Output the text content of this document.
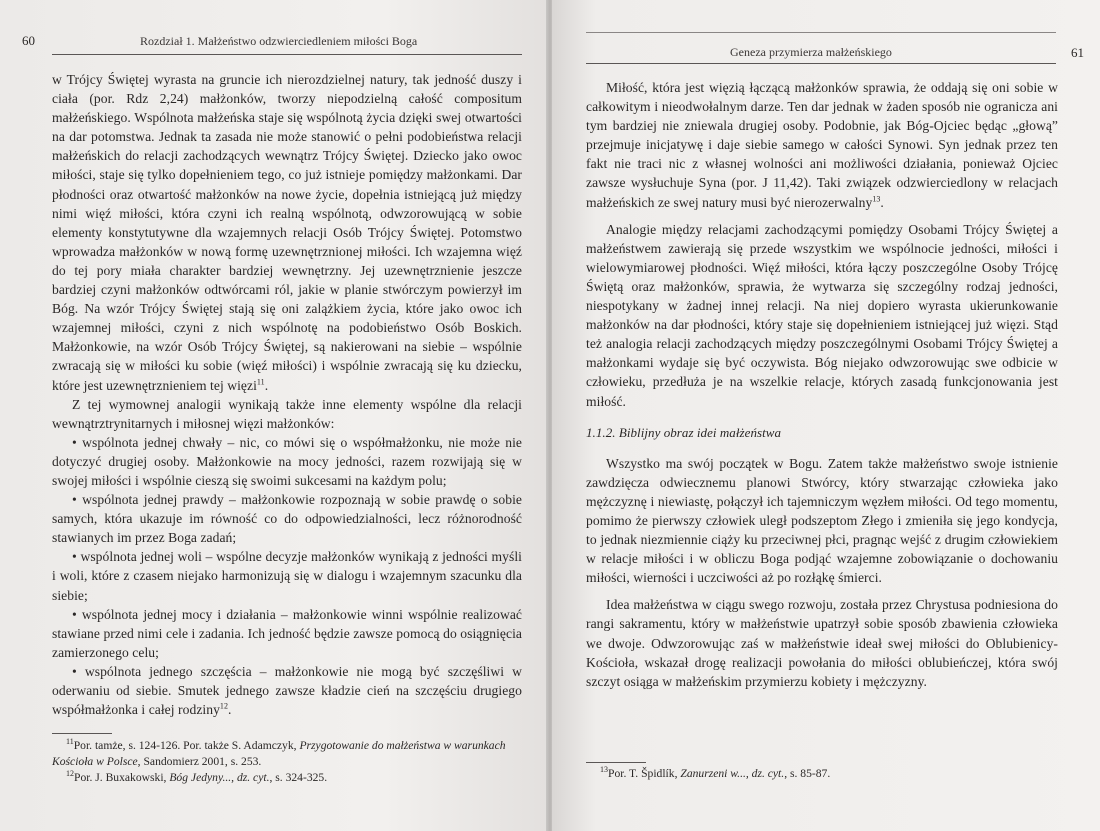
60	Rozdział 1. Małżeństwo odzwierciedleniem miłości Boga

w Trójcy Świętej wyrasta na gruncie ich nierozdzielnej natury, tak jedność duszy i ciała (por. Rdz 2,24) małżonków, tworzy niepodzielną całość compositum małżeńskiego. Wspólnota małżeńska staje się wspólnotą życia dzięki swej otwartości na dar potomstwa. Jednak ta zasada nie może stanowić o pełni podobieństwa relacji małżeńskich do relacji zachodzących wewnątrz Trójcy Świętej. Dziecko jako owoc miłości, staje się tylko dopełnieniem tego, co już istnieje pomiędzy małżonkami. Dar płodności oraz otwartość małżonków na nowe życie, dopełnia istniejącą już między nimi więź miłości, która czyni ich realną wspólnotą, odwzorowującą w sobie elementy konstytutywne dla wzajemnych relacji Osób Trójcy Świętej. Potomstwo wprowadza małżonków w nową formę uzewnętrznionej miłości. Ich wzajemna więź do tej pory miała charakter bardziej wewnętrzny. Jej uzewnętrznienie jeszcze bardziej czyni małżonków odtwórcami ról, jakie w planie stwórczym powierzył im Bóg. Na wzór Trójcy Świętej stają się oni zalążkiem życia, które jako owoc ich wzajemnej miłości, czyni z nich wspólnotę na podobieństwo Osób Boskich. Małżonkowie, na wzór Osób Trójcy Świętej, są nakierowani na siebie – wspólnie zwracają się w miłości ku sobie (więź miłości) i wspólnie zwracają się ku dziecku, które jest uzewnętrznieniem tej więzi$^{11}$.

Z tej wymownej analogii wynikają także inne elementy wspólne dla relacji wewnątrztrynitarnych i miłosnej więzi małżonków:

• wspólnota jednej chwały – nic, co mówi się o współmałżonku, nie może nie dotyczyć drugiej osoby. Małżonkowie na mocy jedności, razem rozwijają się w swojej miłości i wspólnie cieszą się swoimi sukcesami na każdym polu;

• wspólnota jednej prawdy – małżonkowie rozpoznają w sobie prawdę o sobie samych, która ukazuje im równość co do odpowiedzialności, lecz różnorodność stawianych im przez Boga zadań;

• wspólnota jednej woli – wspólne decyzje małżonków wynikają z jedności myśli i woli, które z czasem niejako harmonizują się w dialogu i wzajemnym szacunku dla siebie;

• wspólnota jednej mocy i działania – małżonkowie winni wspólnie realizować stawiane przed nimi cele i zadania. Ich jedność będzie zawsze pomocą do osiągnięcia zamierzonego celu;

• wspólnota jednego szczęścia – małżonkowie nie mogą być szczęśliwi w oderwaniu od siebie. Smutek jednego zawsze kładzie cień na szczęściu drugiego współmałżonka i całej rodziny$^{12}$.

$^{11}$Por. tamże, s. 124-126. Por. także S. Adamczyk, Przygotowanie do małżeństwa w warunkach Kościoła w Polsce, Sandomierz 2001, s. 253.

$^{12}$Por. J. Buxakowski, Bóg Jedyny..., dz. cyt., s. 324-325.

Geneza przymierza małżeńskiego	61

Miłość, która jest więzią łączącą małżonków sprawia, że oddają się oni sobie w całkowitym i nieodwołalnym darze. Ten dar jednak w żaden sposób nie ogranicza ani tym bardziej nie zniewala drugiej osoby. Podobnie, jak Bóg-Ojciec będąc „głową” przejmuje inicjatywę i daje siebie samego w całości Synowi. Syn jednak przez ten fakt nie traci nic z własnej wolności ani możliwości działania, ponieważ Ojciec zawsze wysłuchuje Syna (por. J 11,42). Taki związek odzwierciedlony w relacjach małżeńskich ze swej natury musi być nierozerwalny$^{13}$.

Analogie między relacjami zachodzącymi pomiędzy Osobami Trójcy Świętej a małżeństwem zawierają się przede wszystkim we wspólnocie jedności, miłości i wielowymiarowej płodności. Więź miłości, która łączy poszczególne Osoby Trójcę Świętą oraz małżonków, sprawia, że wytwarza się szczególny rodzaj jedności, niespotykany w żadnej innej relacji. Na niej dopiero wyrasta ukierunkowanie małżonków na dar płodności, który staje się dopełnieniem istniejącej już więzi. Stąd też analogia relacji zachodzących między poszczególnymi Osobami Trójcy Świętej a małżonkami wydaje się być oczywista. Bóg niejako odwzorowując swe odbicie w człowieku, przedłuża je na wszelkie relacje, których zasadą funkcjonowania jest miłość.

1.1.2. Biblijny obraz idei małżeństwa

Wszystko ma swój początek w Bogu. Zatem także małżeństwo swoje istnienie zawdzięcza odwiecznemu planowi Stwórcy, który stwarzając człowieka jako mężczyznę i niewiastę, połączył ich tajemniczym węzłem miłości. Od tego momentu, pomimo że pierwszy człowiek uległ podszeptom Złego i zmieniła się jego kondycja, to jednak niezmiennie ciąży ku przeciwnej płci, pragnąc wejść z drugim człowiekiem w relacje miłości i w obliczu Boga podjąć wzajemne zobowiązanie o dochowaniu miłości, wierności i uczciwości aż po rozłąkę śmierci.

Idea małżeństwa w ciągu swego rozwoju, została przez Chrystusa podniesiona do rangi sakramentu, który w małżeństwie upatrzył sobie sposób zbawienia człowieka we dwoje. Odwzorowując zaś w małżeństwie ideał swej miłości do Oblubienicy-Kościoła, wskazał drogę realizacji powołania do miłości oblubieńczej, która swój szczyt osiąga w małżeńskim przymierzu kobiety i mężczyzny.

$^{13}$Por. T. Špidlík, Zanurzeni w..., dz. cyt., s. 85-87.
